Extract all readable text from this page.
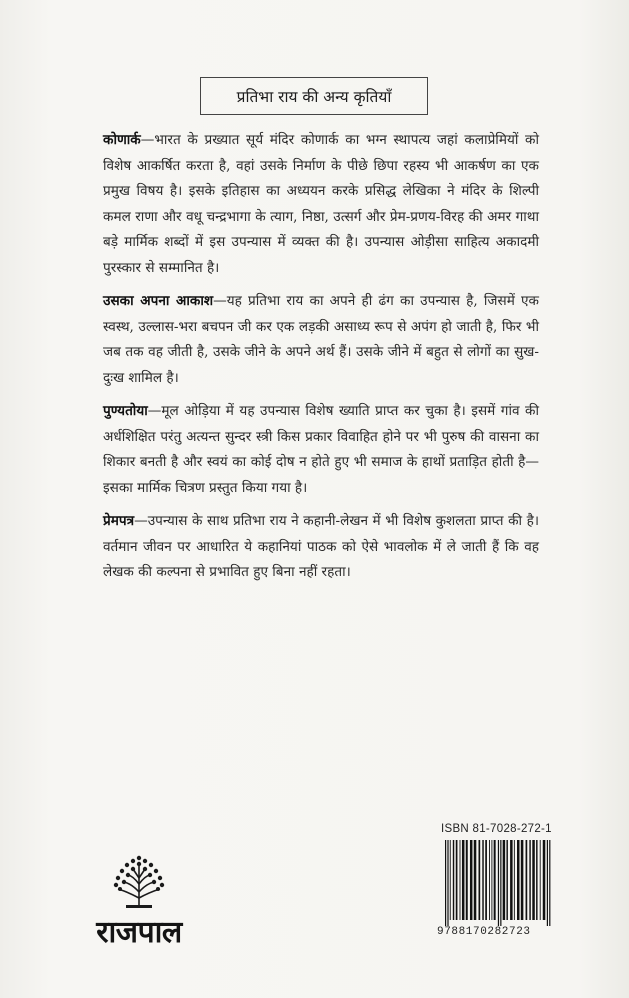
प्रतिभा राय की अन्य कृतियाँ

कोणार्क—भारत के प्रख्यात सूर्य मंदिर कोणार्क का भग्न स्थापत्य जहां कलाप्रेमियों को विशेष आकर्षित करता है, वहां उसके निर्माण के पीछे छिपा रहस्य भी आकर्षण का एक प्रमुख विषय है। इसके इतिहास का अध्ययन करके प्रसिद्ध लेखिका ने मंदिर के शिल्पी कमल राणा और वधू चन्द्रभागा के त्याग, निष्ठा, उत्सर्ग और प्रेम-प्रणय-विरह की अमर गाथा बड़े मार्मिक शब्दों में इस उपन्यास में व्यक्त की है। उपन्यास ओड़ीसा साहित्य अकादमी पुरस्कार से सम्मानित है।

उसका अपना आकाश—यह प्रतिभा राय का अपने ही ढंग का उपन्यास है, जिसमें एक स्वस्थ, उल्लास-भरा बचपन जी कर एक लड़की असाध्य रूप से अपंग हो जाती है, फिर भी जब तक वह जीती है, उसके जीने के अपने अर्थ हैं। उसके जीने में बहुत से लोगों का सुख-दुःख शामिल है।

पुण्यतोया—मूल ओड़िया में यह उपन्यास विशेष ख्याति प्राप्त कर चुका है। इसमें गांव की अर्धशिक्षित परंतु अत्यन्त सुन्दर स्त्री किस प्रकार विवाहित होने पर भी पुरुष की वासना का शिकार बनती है और स्वयं का कोई दोष न होते हुए भी समाज के हाथों प्रताड़ित होती है—इसका मार्मिक चित्रण प्रस्तुत किया गया है।

प्रेमपत्र—उपन्यास के साथ प्रतिभा राय ने कहानी-लेखन में भी विशेष कुशलता प्राप्त की है। वर्तमान जीवन पर आधारित ये कहानियां पाठक को ऐसे भावलोक में ले जाती हैं कि वह लेखक की कल्पना से प्रभावित हुए बिना नहीं रहता।

राजपाल
ISBN 81-7028-272-1
9788170282723
